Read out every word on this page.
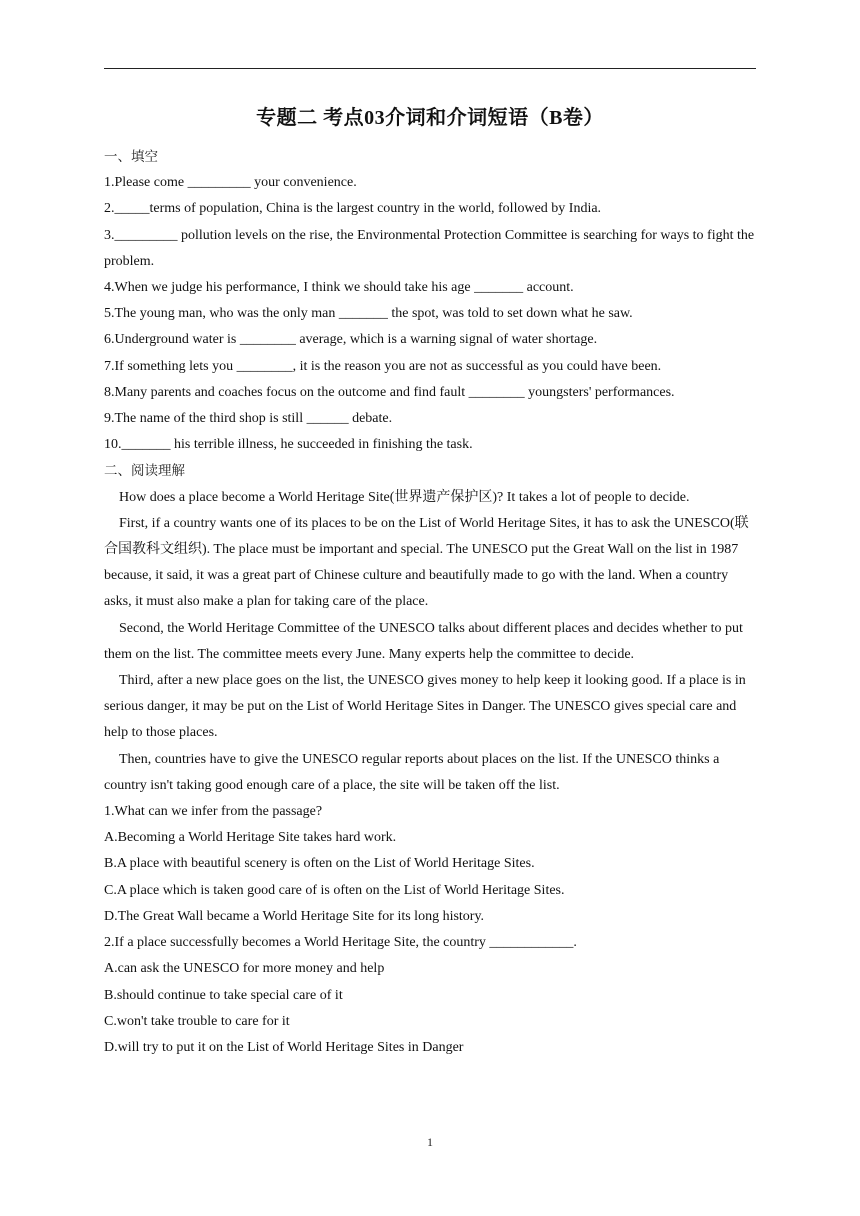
专题二 考点03介词和介词短语（B卷）
一、填空
1.Please come _________ your convenience.
2._____terms of population, China is the largest country in the world, followed by India.
3._________ pollution levels on the rise, the Environmental Protection Committee is searching for ways to fight the problem.
4.When we judge his performance, I think we should take his age _______ account.
5.The young man, who was the only man _______ the spot, was told to set down what he saw.
6.Underground water is ________ average, which is a warning signal of water shortage.
7.If something lets you ________, it is the reason you are not as successful as you could have been.
8.Many parents and coaches focus on the outcome and find fault ________ youngsters' performances.
9.The name of the third shop is still ______ debate.
10._______ his terrible illness, he succeeded in finishing the task.
二、阅读理解

How does a place become a World Heritage Site(世界遗产保护区)? It takes a lot of people to decide.

First, if a country wants one of its places to be on the List of World Heritage Sites, it has to ask the UNESCO(联合国教科文组织). The place must be important and special. The UNESCO put the Great Wall on the list in 1987 because, it said, it was a great part of Chinese culture and beautifully made to go with the land. When a country asks, it must also make a plan for taking care of the place.

Second, the World Heritage Committee of the UNESCO talks about different places and decides whether to put them on the list. The committee meets every June. Many experts help the committee to decide.

Third, after a new place goes on the list, the UNESCO gives money to help keep it looking good. If a place is in serious danger, it may be put on the List of World Heritage Sites in Danger. The UNESCO gives special care and help to those places.

Then, countries have to give the UNESCO regular reports about places on the list. If the UNESCO thinks a country isn't taking good enough care of a place, the site will be taken off the list.

1.What can we infer from the passage?
A.Becoming a World Heritage Site takes hard work.
B.A place with beautiful scenery is often on the List of World Heritage Sites.
C.A place which is taken good care of is often on the List of World Heritage Sites.
D.The Great Wall became a World Heritage Site for its long history.
2.If a place successfully becomes a World Heritage Site, the country ____________.
A.can ask the UNESCO for more money and help
B.should continue to take special care of it
C.won't take trouble to care for it
D.will try to put it on the List of World Heritage Sites in Danger
1
